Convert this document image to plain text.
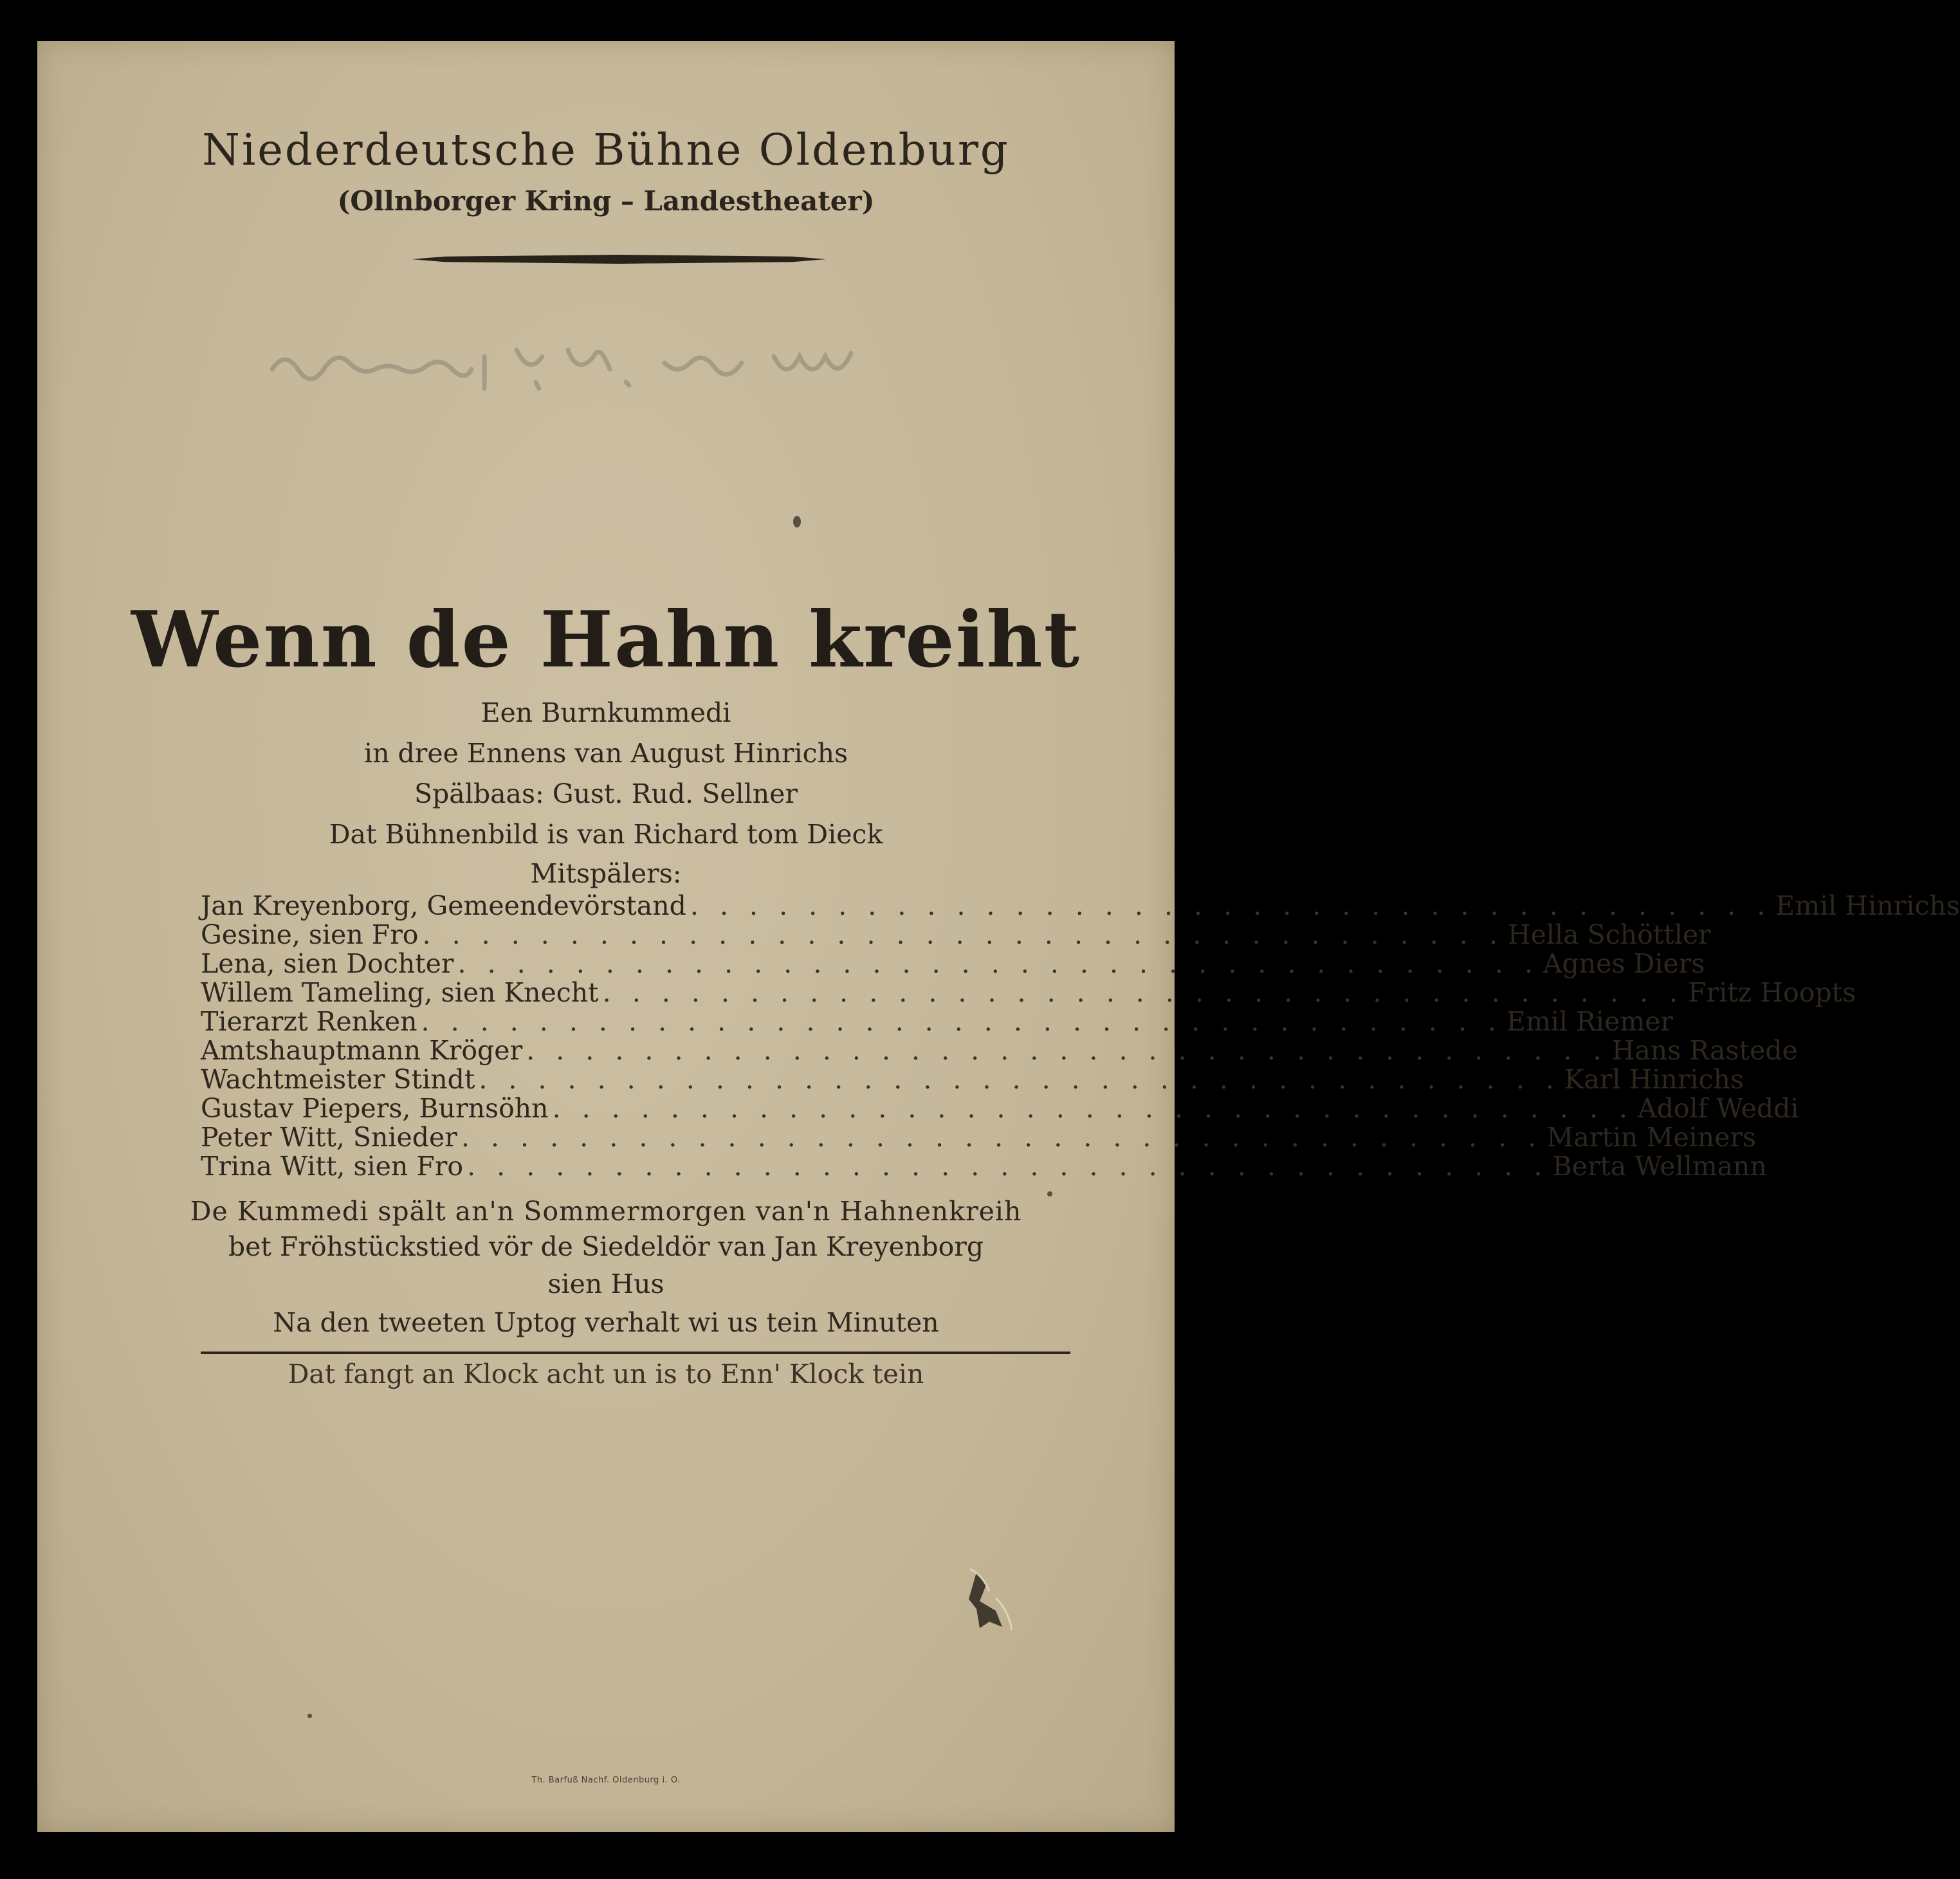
Niederdeutsche Bühne Oldenburg
(Ollnborger Kring – Landestheater)
Wenn de Hahn kreiht
Een Burnkummedi
in dree Ennens van August Hinrichs
Spälbaas: Gust. Rud. Sellner
Dat Bühnenbild is van Richard tom Dieck
Mitspälers:
Jan Kreyenborg, Gemeendevörstand . . . . . . . . . . . . . . . . . . . . . . . . . . . . . . . . . . . . . Emil Hinrichs
Gesine, sien Fro . . . . . . . . . . . . . . . . . . . . . . . . . . . . . . . . . . . . . Hella Schöttler
Lena, sien Dochter . . . . . . . . . . . . . . . . . . . . . . . . . . . . . . . . . . . . . Agnes Diers
Willem Tameling, sien Knecht . . . . . . . . . . . . . . . . . . . . . . . . . . . . . . . . . . . . . Fritz Hoopts
Tierarzt Renken . . . . . . . . . . . . . . . . . . . . . . . . . . . . . . . . . . . . . Emil Riemer
Amtshauptmann Kröger . . . . . . . . . . . . . . . . . . . . . . . . . . . . . . . . . . . . . Hans Rastede
Wachtmeister Stindt . . . . . . . . . . . . . . . . . . . . . . . . . . . . . . . . . . . . . Karl Hinrichs
Gustav Piepers, Burnsöhn . . . . . . . . . . . . . . . . . . . . . . . . . . . . . . . . . . . . . Adolf Weddi
Peter Witt, Snieder . . . . . . . . . . . . . . . . . . . . . . . . . . . . . . . . . . . . . Martin Meiners
Trina Witt, sien Fro . . . . . . . . . . . . . . . . . . . . . . . . . . . . . . . . . . . . . Berta Wellmann
De Kummedi spält an'n Sommermorgen van'n Hahnenkreih
bet Fröhstückstied vör de Siedeldör van Jan Kreyenborg
sien Hus
Na den tweeten Uptog verhalt wi us tein Minuten
Dat fangt an Klock acht un is to Enn' Klock tein
Th. Barfuß Nachf. Oldenburg i. O.
